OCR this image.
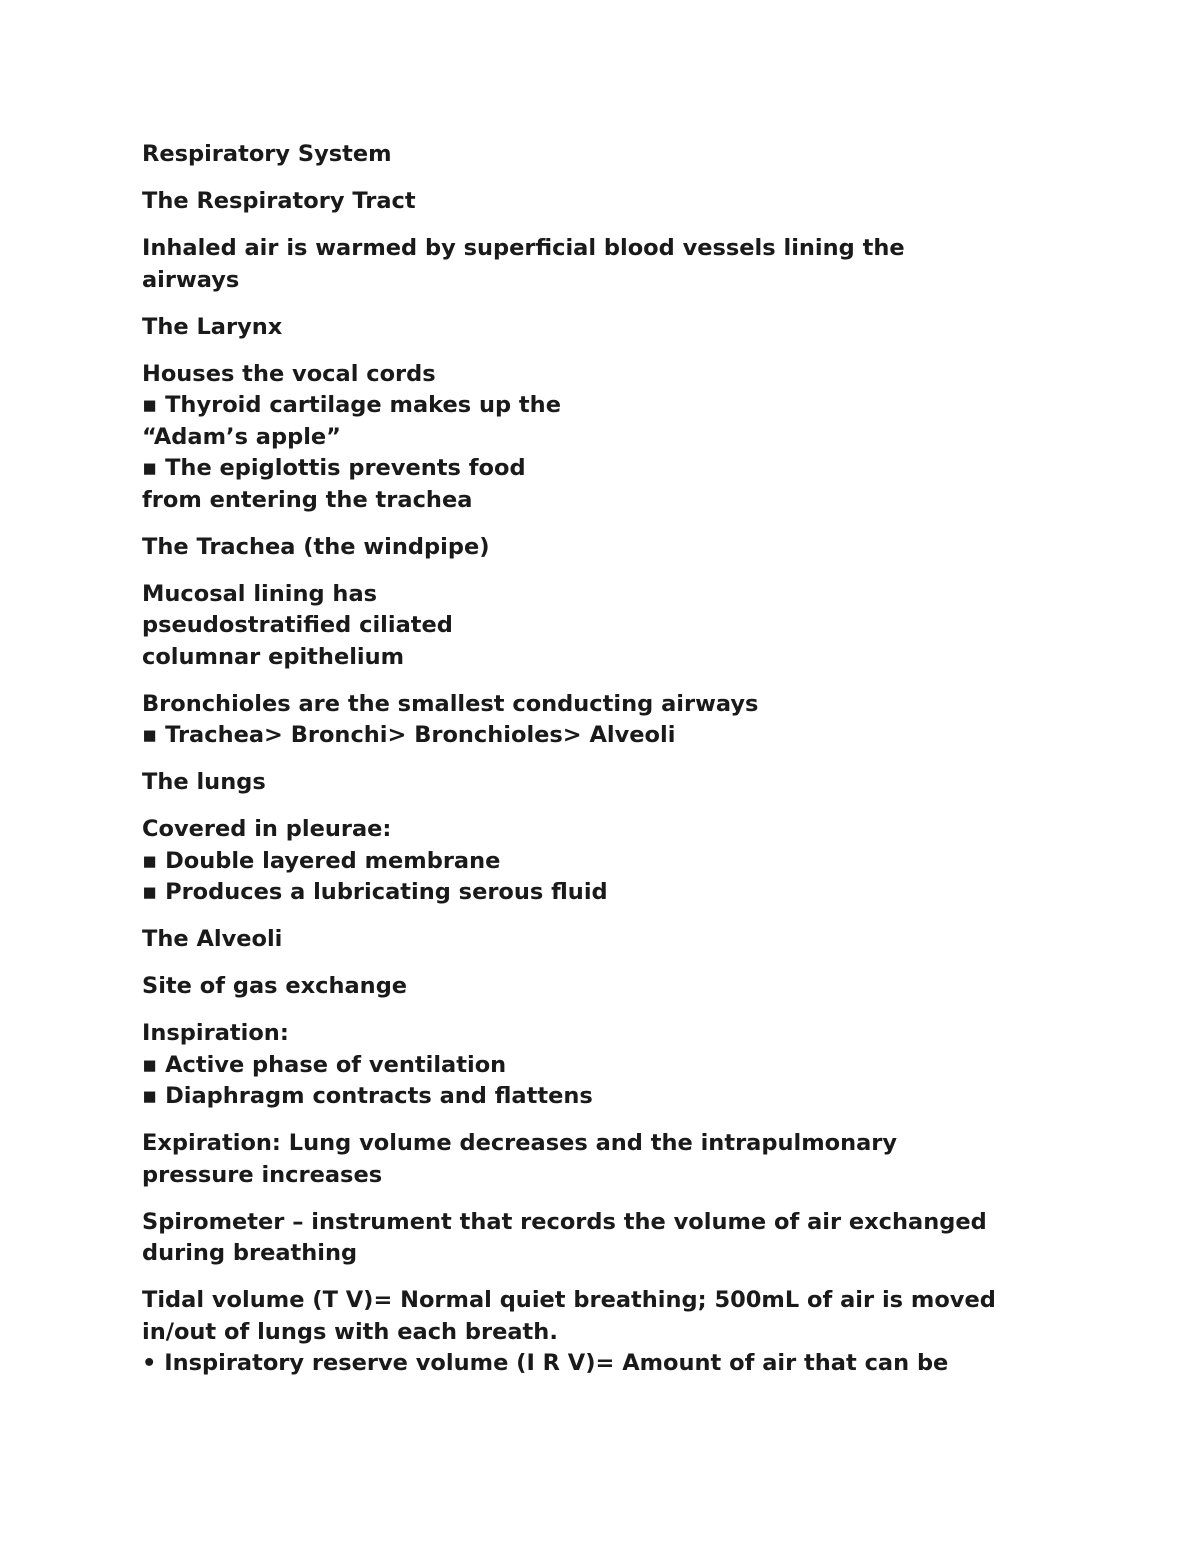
Respiratory System
The Respiratory Tract
Inhaled air is warmed by superficial blood vessels lining the
airways
The Larynx
Houses the vocal cords
▪ Thyroid cartilage makes up the
“Adam’s apple”
▪ The epiglottis prevents food
from entering the trachea
The Trachea (the windpipe)
Mucosal lining has
pseudostratified ciliated
columnar epithelium
Bronchioles are the smallest conducting airways
▪ Trachea> Bronchi> Bronchioles> Alveoli
The lungs
Covered in pleurae:
▪ Double layered membrane
▪ Produces a lubricating serous fluid
The Alveoli
Site of gas exchange
Inspiration:
▪ Active phase of ventilation
▪ Diaphragm contracts and flattens
Expiration: Lung volume decreases and the intrapulmonary
pressure increases
Spirometer – instrument that records the volume of air exchanged
during breathing
Tidal volume (T V)= Normal quiet breathing; 500mL of air is moved
in/out of lungs with each breath.
• Inspiratory reserve volume (I R V)= Amount of air that can be
